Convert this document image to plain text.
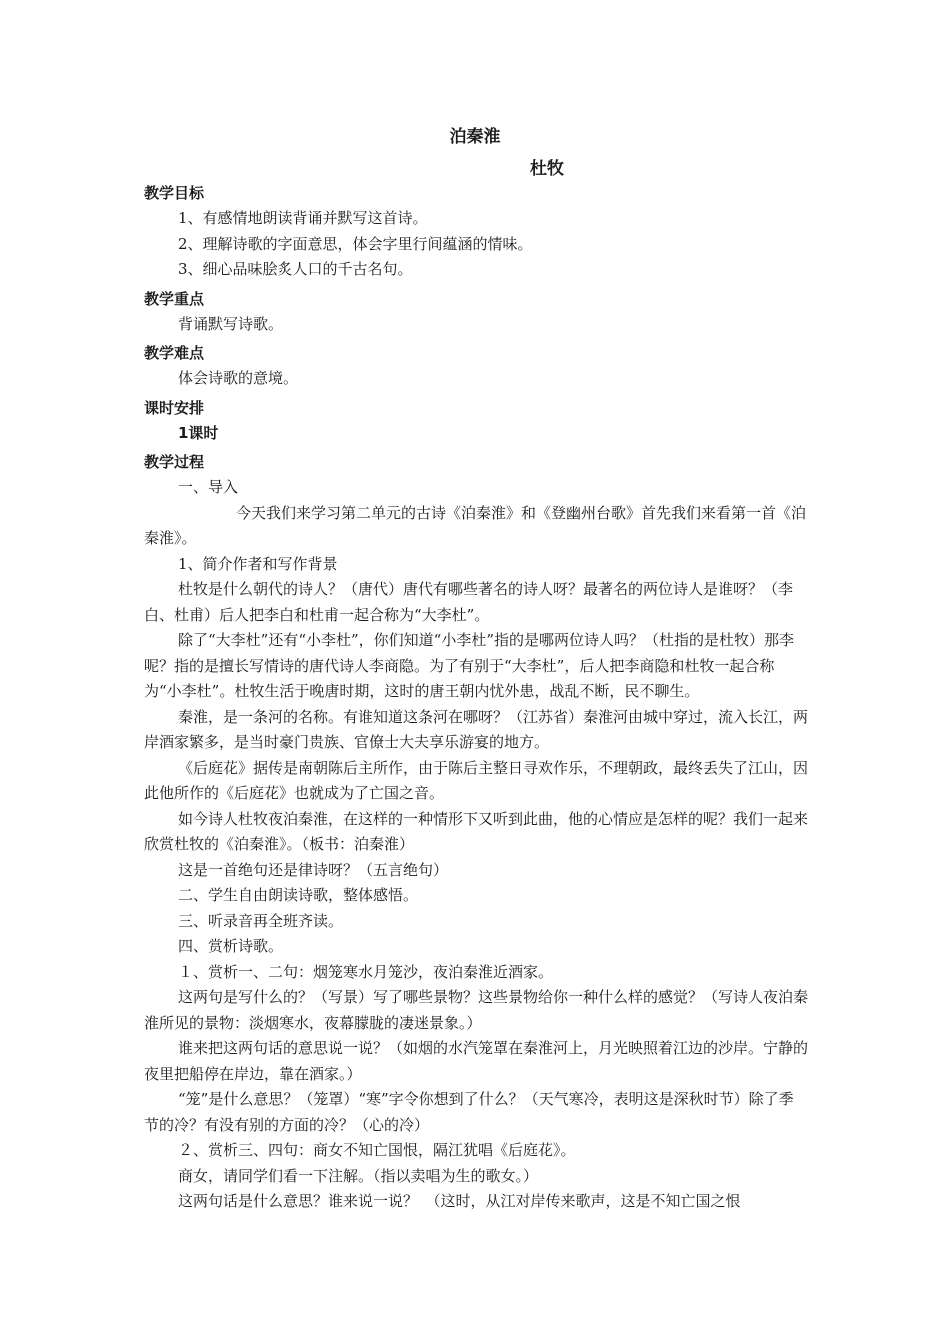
泊秦淮
杜牧

教学目标

1、有感情地朗读背诵并默写这首诗。

2、理解诗歌的字面意思，体会字里行间蕴涵的情味。

3、细心品味脍炙人口的千古名句。

教学重点

背诵默写诗歌。

教学难点

体会诗歌的意境。

课时安排

1课时

教学过程

一、导入

今天我们来学习第二单元的古诗《泊秦淮》和《登幽州台歌》首先我们来看第一首《泊秦淮》。

1、简介作者和写作背景

杜牧是什么朝代的诗人？（唐代）唐代有哪些著名的诗人呀？最著名的两位诗人是谁呀？（李白、杜甫）后人把李白和杜甫一起合称为“大李杜”。

除了“大李杜”还有“小李杜”，你们知道“小李杜”指的是哪两位诗人吗？（杜指的是杜牧）那李呢？指的是擅长写情诗的唐代诗人李商隐。为了有别于“大李杜”，后人把李商隐和杜牧一起合称为“小李杜”。杜牧生活于晚唐时期，这时的唐王朝内忧外患，战乱不断，民不聊生。

秦淮，是一条河的名称。有谁知道这条河在哪呀？（江苏省）秦淮河由城中穿过，流入长江，两岸酒家繁多，是当时豪门贵族、官僚士大夫享乐游宴的地方。

《后庭花》据传是南朝陈后主所作，由于陈后主整日寻欢作乐，不理朝政，最终丢失了江山，因此他所作的《后庭花》也就成为了亡国之音。

如今诗人杜牧夜泊秦淮，在这样的一种情形下又听到此曲，他的心情应是怎样的呢？我们一起来欣赏杜牧的《泊秦淮》。（板书：泊秦淮）

这是一首绝句还是律诗呀？（五言绝句）

二、学生自由朗读诗歌，整体感悟。

三、听录音再全班齐读。

四、赏析诗歌。

１、赏析一、二句：烟笼寒水月笼沙，夜泊秦淮近酒家。

这两句是写什么的？（写景）写了哪些景物？这些景物给你一种什么样的感觉？（写诗人夜泊秦淮所见的景物：淡烟寒水，夜幕朦胧的凄迷景象。）

谁来把这两句话的意思说一说？（如烟的水汽笼罩在秦淮河上，月光映照着江边的沙岸。宁静的夜里把船停在岸边，靠在酒家。）

“笼”是什么意思？（笼罩）“寒”字令你想到了什么？（天气寒冷，表明这是深秋时节）除了季节的冷？有没有别的方面的冷？（心的冷）

２、赏析三、四句：商女不知亡国恨，隔江犹唱《后庭花》。

商女，请同学们看一下注解。（指以卖唱为生的歌女。）

这两句话是什么意思？谁来说一说？　（这时，从江对岸传来歌声，这是不知亡国之恨
